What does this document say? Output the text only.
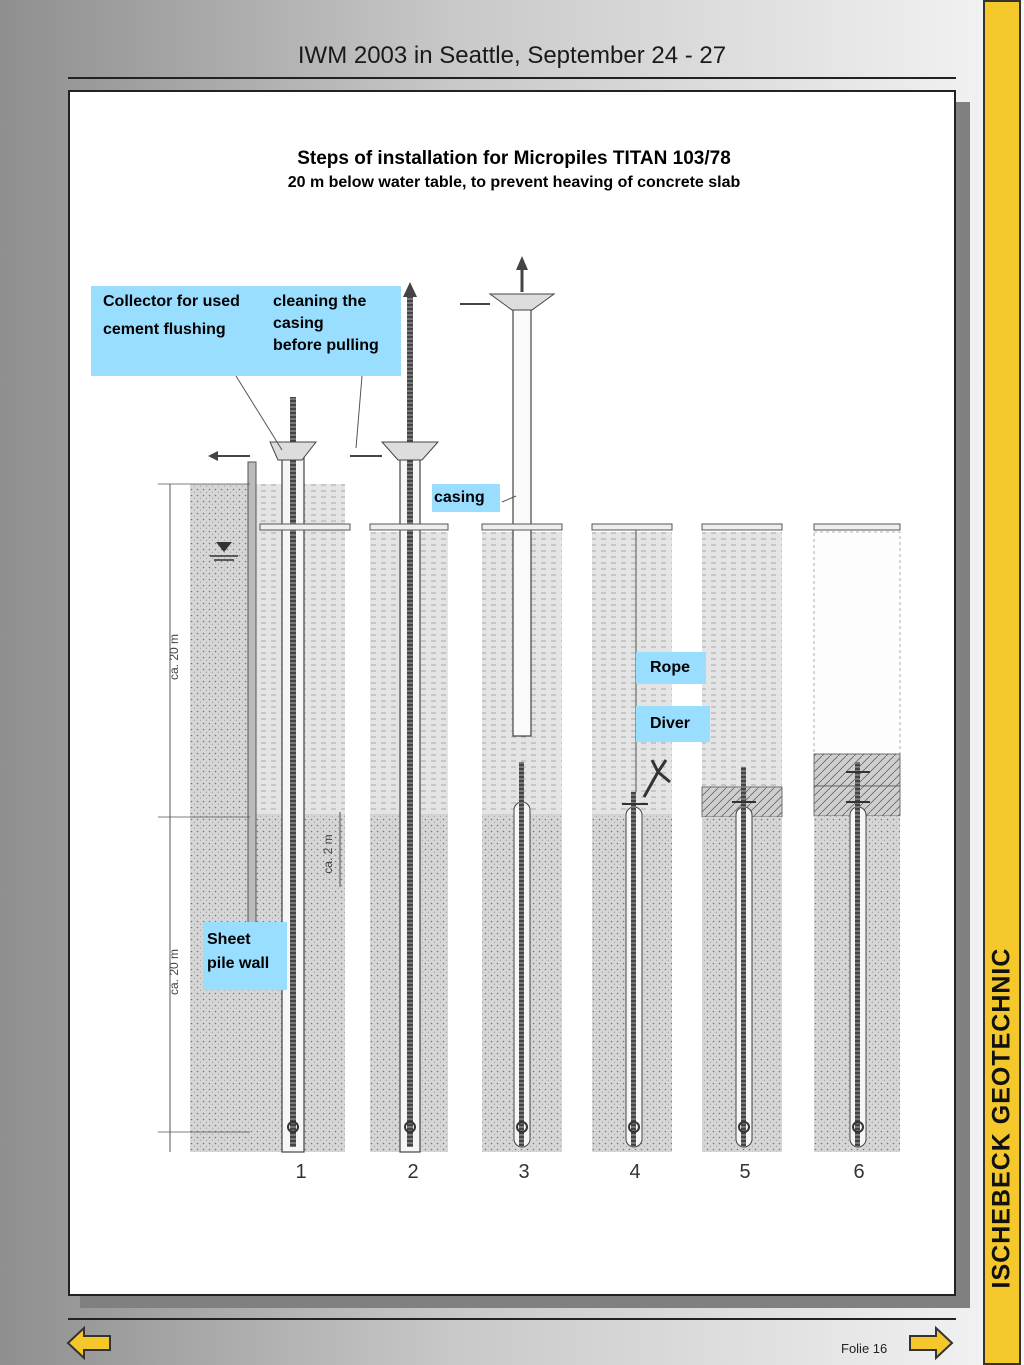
IWM 2003 in Seattle, September 24 - 27
Steps of installation for Micropiles TITAN 103/78
20 m below water table, to prevent heaving of concrete slab
ca. 20 m
ca. 20 m
ca. 2 m
1	2	3	4	5	6
Collector for used
cement flushing
cleaning the
casing
before pulling
casing
Rope
Diver
Sheet
pile wall	ISCHEBECK GEOTECHNIC
Folie 16
